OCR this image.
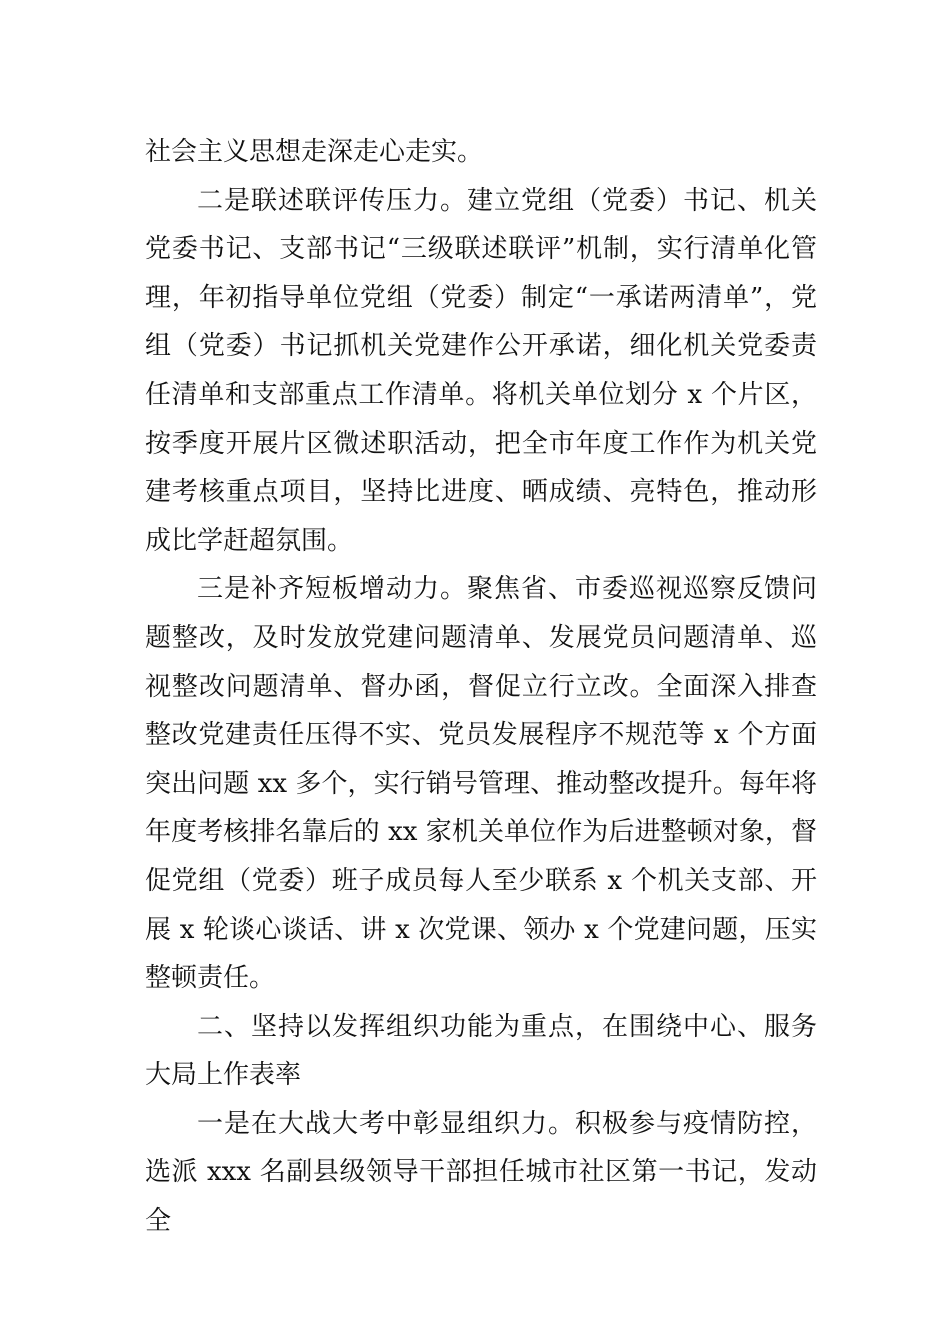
社会主义思想走深走心走实。

二是联述联评传压力。建立党组（党委）书记、机关党委书记、支部书记“三级联述联评”机制，实行清单化管理，年初指导单位党组（党委）制定“一承诺两清单”，党组（党委）书记抓机关党建作公开承诺，细化机关党委责任清单和支部重点工作清单。将机关单位划分 x 个片区，按季度开展片区微述职活动，把全市年度工作作为机关党建考核重点项目，坚持比进度、晒成绩、亮特色，推动形成比学赶超氛围。

三是补齐短板增动力。聚焦省、市委巡视巡察反馈问题整改，及时发放党建问题清单、发展党员问题清单、巡视整改问题清单、督办函，督促立行立改。全面深入排查整改党建责任压得不实、党员发展程序不规范等 x 个方面突出问题 xx 多个，实行销号管理、推动整改提升。每年将年度考核排名靠后的 xx 家机关单位作为后进整顿对象，督促党组（党委）班子成员每人至少联系 x 个机关支部、开展 x 轮谈心谈话、讲 x 次党课、领办 x 个党建问题，压实整顿责任。

二、坚持以发挥组织功能为重点，在围绕中心、服务大局上作表率

一是在大战大考中彰显组织力。积极参与疫情防控，选派 xxx 名副县级领导干部担任城市社区第一书记，发动全
